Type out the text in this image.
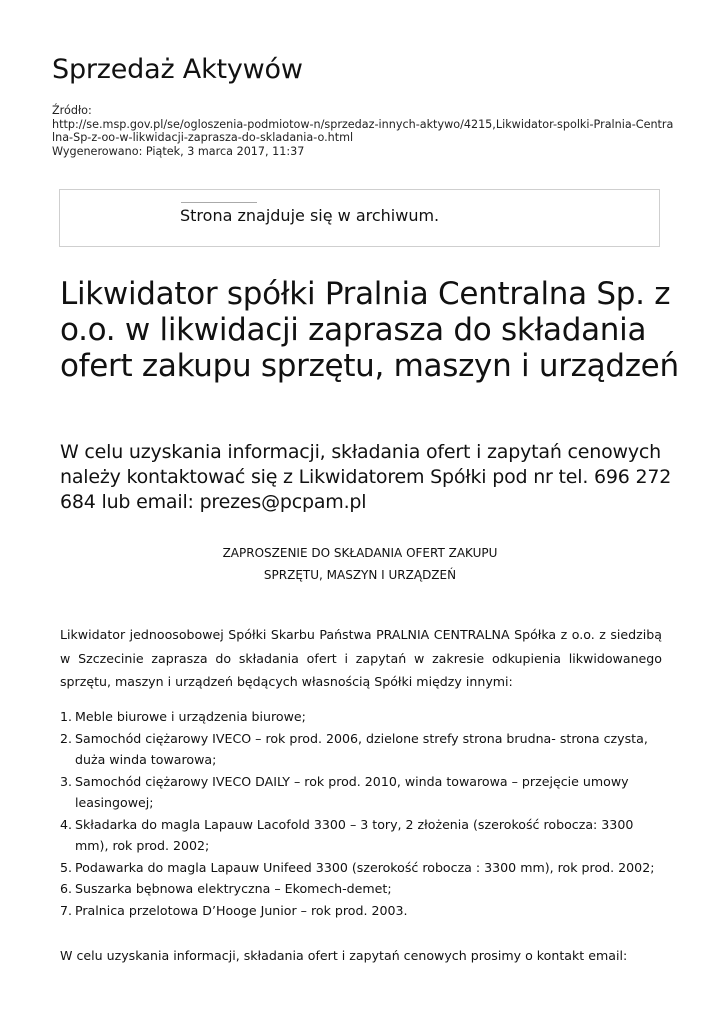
Sprzedaż Aktywów
Źródło:
http://se.msp.gov.pl/se/ogloszenia-podmiotow-n/sprzedaz-innych-aktywo/4215,Likwidator-spolki-Pralnia-Centralna-Sp-z-oo-w-likwidacji-zaprasza-do-skladania-o.html
Wygenerowano: Piątek, 3 marca 2017, 11:37
Strona znajduje się w archiwum.
Likwidator spółki Pralnia Centralna Sp. z o.o. w likwidacji zaprasza do składania ofert zakupu sprzętu, maszyn i urządzeń

W celu uzyskania informacji, składania ofert i zapytań cenowych należy kontaktować się z Likwidatorem Spółki pod nr tel. 696 272 684 lub email: prezes@pcpam.pl

ZAPROSZENIE DO SKŁADANIA OFERT ZAKUPU
SPRZĘTU, MASZYN I URZĄDZEŃ

Likwidator jednoosobowej Spółki Skarbu Państwa PRALNIA CENTRALNA Spółka z o.o. z siedzibą w Szczecinie zaprasza do składania ofert i zapytań w zakresie odkupienia likwidowanego sprzętu, maszyn i urządzeń będących własnością Spółki między innymi:

1. Meble biurowe i urządzenia biurowe;
2. Samochód ciężarowy IVECO – rok prod. 2006, dzielone strefy strona brudna- strona czysta, duża winda towarowa;
3. Samochód ciężarowy IVECO DAILY – rok prod. 2010, winda towarowa – przejęcie umowy leasingowej;
4. Składarka do magla Lapauw Lacofold 3300 – 3 tory, 2 złożenia (szerokość robocza: 3300 mm), rok prod. 2002;
5. Podawarka do magla Lapauw Unifeed 3300 (szerokość robocza : 3300 mm), rok prod. 2002;
6. Suszarka bębnowa elektryczna – Ekomech-demet;
7. Pralnica przelotowa D’Hooge Junior – rok prod. 2003.

W celu uzyskania informacji, składania ofert i zapytań cenowych prosimy o kontakt email:
